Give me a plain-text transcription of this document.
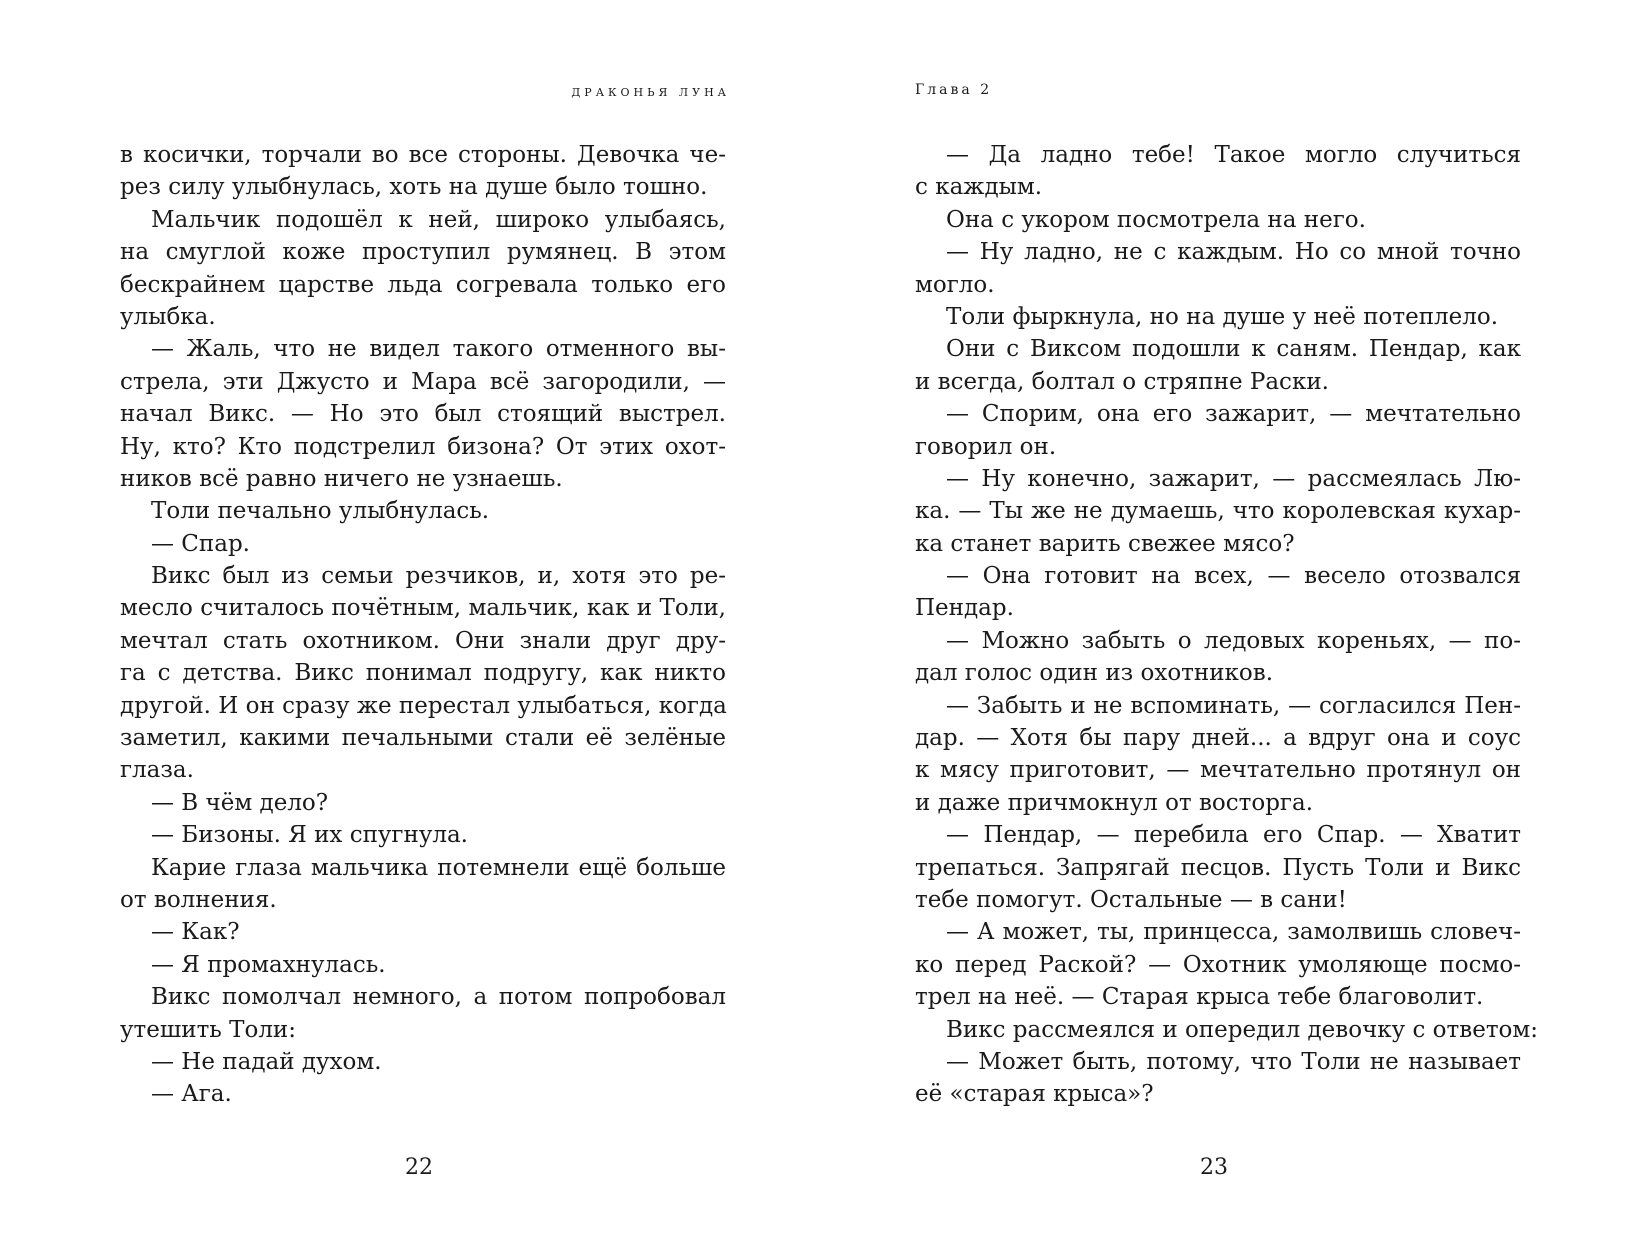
ДРАКОНЬЯ ЛУНА
в косички, торчали во все стороны. Девочка че-
рез силу улыбнулась, хоть на душе было тошно.
Мальчик подошёл к ней, широко улыбаясь,
на смуглой коже проступил румянец. В этом
бескрайнем царстве льда согревала только его
улыбка.
— Жаль, что не видел такого отменного вы-
стрела, эти Джусто и Мара всё загородили, —
начал Викс. — Но это был стоящий выстрел.
Ну, кто? Кто подстрелил бизона? От этих охот-
ников всё равно ничего не узнаешь.
Толи печально улыбнулась.
— Спар.
Викс был из семьи резчиков, и, хотя это ре-
месло считалось почётным, мальчик, как и Толи,
мечтал стать охотником. Они знали друг дру-
га с детства. Викс понимал подругу, как никто
другой. И он сразу же перестал улыбаться, когда
заметил, какими печальными стали её зелёные
глаза.
— В чём дело?
— Бизоны. Я их спугнула.
Карие глаза мальчика потемнели ещё больше
от волнения.
— Как?
— Я промахнулась.
Викс помолчал немного, а потом попробовал
утешить Толи:
— Не падай духом.
— Ага.
22
Глава 2
— Да ладно тебе! Такое могло случиться
с каждым.
Она с укором посмотрела на него.
— Ну ладно, не с каждым. Но со мной точно
могло.
Толи фыркнула, но на душе у неё потеплело.
Они с Виксом подошли к саням. Пендар, как
и всегда, болтал о стряпне Раски.
— Спорим, она его зажарит, — мечтательно
говорил он.
— Ну конечно, зажарит, — рассмеялась Лю-
ка. — Ты же не думаешь, что королевская кухар-
ка станет варить свежее мясо?
— Она готовит на всех, — весело отозвался
Пендар.
— Можно забыть о ледовых кореньях, — по-
дал голос один из охотников.
— Забыть и не вспоминать, — согласился Пен-
дар. — Хотя бы пару дней... а вдруг она и соус
к мясу приготовит, — мечтательно протянул он
и даже причмокнул от восторга.
— Пендар, — перебила его Спар. — Хватит
трепаться. Запрягай песцов. Пусть Толи и Викс
тебе помогут. Остальные — в сани!
— А может, ты, принцесса, замолвишь словеч-
ко перед Раской? — Охотник умоляюще посмо-
трел на неё. — Старая крыса тебе благоволит.
Викс рассмеялся и опередил девочку с ответом:
— Может быть, потому, что Толи не называет
её «старая крыса»?
23
